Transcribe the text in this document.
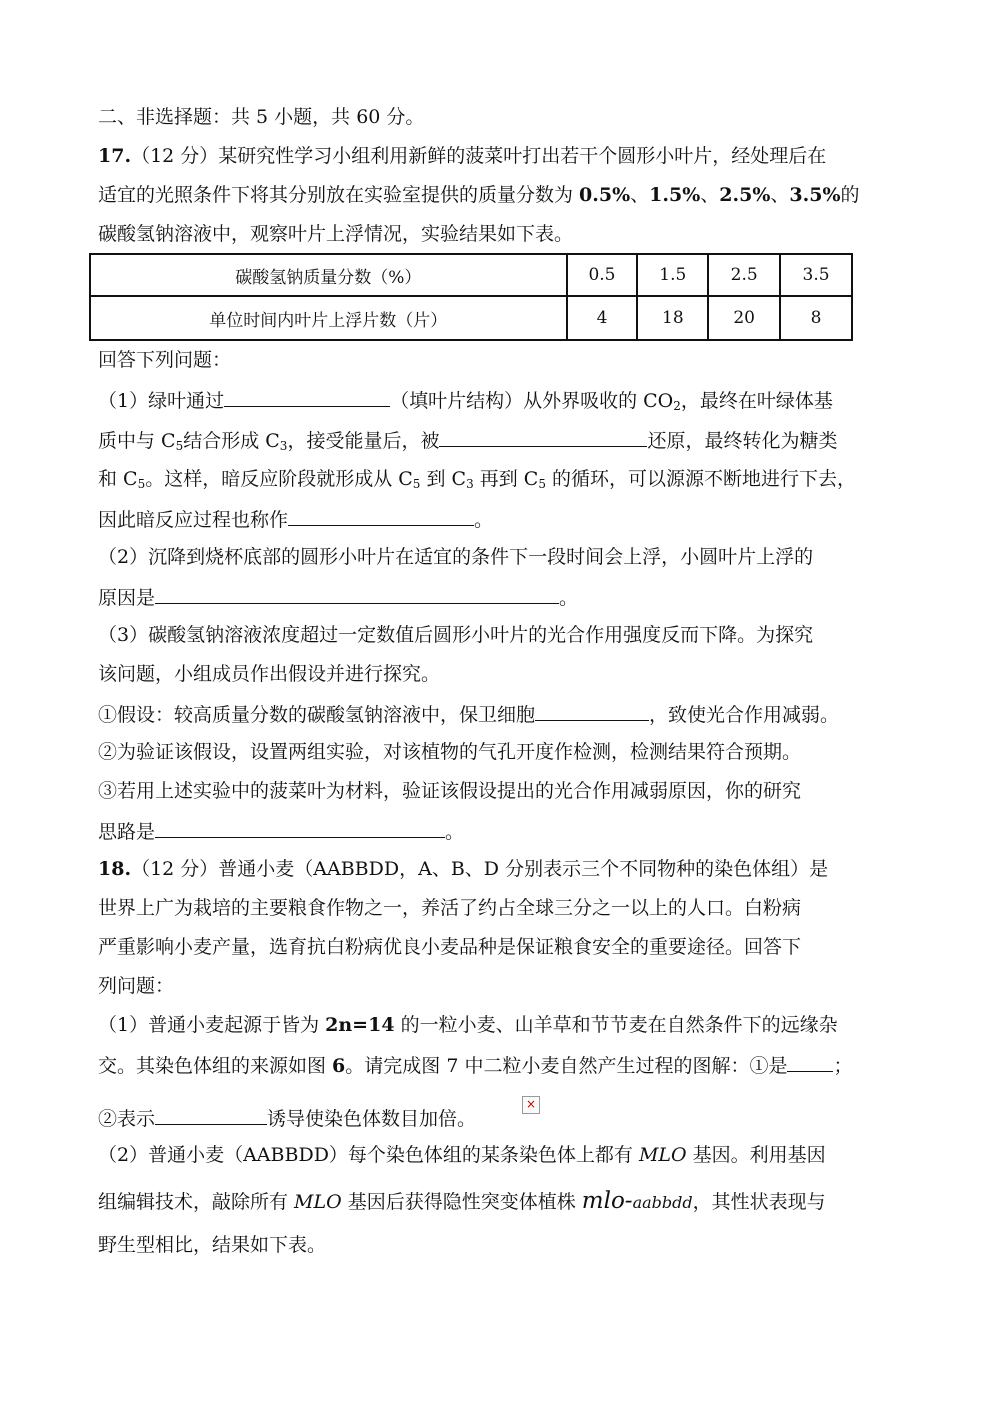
二、非选择题：共 5 小题，共 60 分。
17.（12 分）某研究性学习小组利用新鲜的菠菜叶打出若干个圆形小叶片，经处理后在
适宜的光照条件下将其分别放在实验室提供的质量分数为 0.5%、1.5%、2.5%、3.5%的
碳酸氢钠溶液中，观察叶片上浮情况，实验结果如下表。
碳酸氢钠质量分数（%）	0.5	1.5	2.5	3.5
单位时间内叶片上浮片数（片）	4	18	20	8
回答下列问题：
（1）绿叶通过	（填叶片结构）从外界吸收的 $CO_2$，最终在叶绿体基
质中与 $C_5$结合形成 $C_3$，接受能量后，被	还原，最终转化为糖类
和 $C_5$。这样，暗反应阶段就形成从 $C_5$ 到 $C_3$ 再到 $C_5$ 的循环，可以源源不断地进行下去，
因此暗反应过程也称作	。
（2）沉降到烧杯底部的圆形小叶片在适宜的条件下一段时间会上浮，小圆叶片上浮的
原因是	。
（3）碳酸氢钠溶液浓度超过一定数值后圆形小叶片的光合作用强度反而下降。为探究
该问题，小组成员作出假设并进行探究。
①假设：较高质量分数的碳酸氢钠溶液中，保卫细胞	，致使光合作用减弱。
②为验证该假设，设置两组实验，对该植物的气孔开度作检测，检测结果符合预期。
③若用上述实验中的菠菜叶为材料，验证该假设提出的光合作用减弱原因，你的研究
思路是	。
18.（12 分）普通小麦（AABBDD，A、B、D 分别表示三个不同物种的染色体组）是
世界上广为栽培的主要粮食作物之一，养活了约占全球三分之一以上的人口。白粉病
严重影响小麦产量，选育抗白粉病优良小麦品种是保证粮食安全的重要途径。回答下
列问题：
（1）普通小麦起源于皆为 2n=14 的一粒小麦、山羊草和节节麦在自然条件下的远缘杂
交。其染色体组的来源如图 6。请完成图 7 中二粒小麦自然产生过程的图解：①是 ；
②表示	诱导使染色体数目加倍。
×
（2）普通小麦（AABBDD）每个染色体组的某条染色体上都有 MLO 基因。利用基因
组编辑技术，敲除所有 MLO 基因后获得隐性突变体植株 mlo-aabbdd，其性状表现与
野生型相比，结果如下表。
